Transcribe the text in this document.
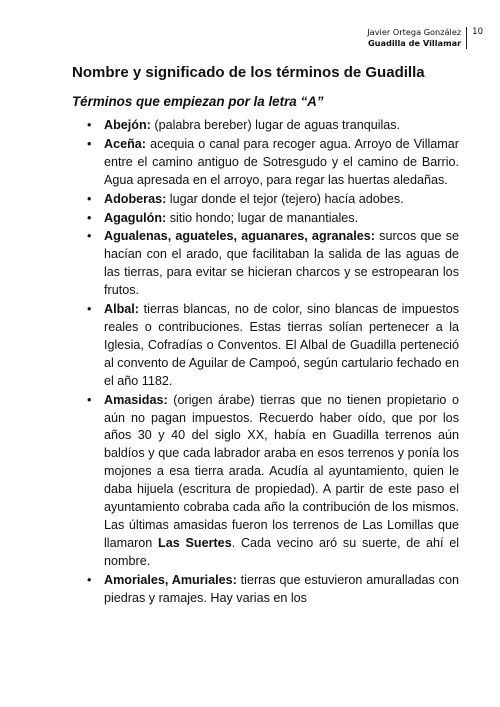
Javier Ortega González
Guadilla de Villamar
10
Nombre y significado de los términos de Guadilla
Términos que empiezan por la letra “A”
• Abejón: (palabra bereber) lugar de aguas tranquilas.
• Aceña: acequia o canal para recoger agua. Arroyo de Villamar entre el camino antiguo de Sotresgudo y el camino de Barrio. Agua apresada en el arroyo, para regar las huertas aledañas.
• Adoberas: lugar donde el tejor (tejero) hacía adobes.
• Agagulón: sitio hondo; lugar de manantiales.
• Agualenas, aguateles, aguanares, agranales: surcos que se hacían con el arado, que facilitaban la salida de las aguas de las tierras, para evitar se hicieran charcos y se estropearan los frutos.
• Albal: tierras blancas, no de color, sino blancas de impuestos reales o contribuciones. Estas tierras solían pertenecer a la Iglesia, Cofradías o Conventos. El Albal de Guadilla perteneció al convento de Aguilar de Campoó, según cartulario fechado en el año 1182.
• Amasidas: (origen árabe) tierras que no tienen propietario o aún no pagan impuestos. Recuerdo haber oído, que por los años 30 y 40 del siglo XX, había en Guadilla terrenos aún baldíos y que cada labrador araba en esos terrenos y ponía los mojones a esa tierra arada. Acudía al ayuntamiento, quien le daba hijuela (escritura de propiedad). A partir de este paso el ayuntamiento cobraba cada año la contribución de los mismos. Las últimas amasidas fueron los terrenos de Las Lomillas que llamaron Las Suertes. Cada vecino aró su suerte, de ahí el nombre.
• Amoriales, Amuriales: tierras que estuvieron amuralladas con piedras y ramajes. Hay varias en los
